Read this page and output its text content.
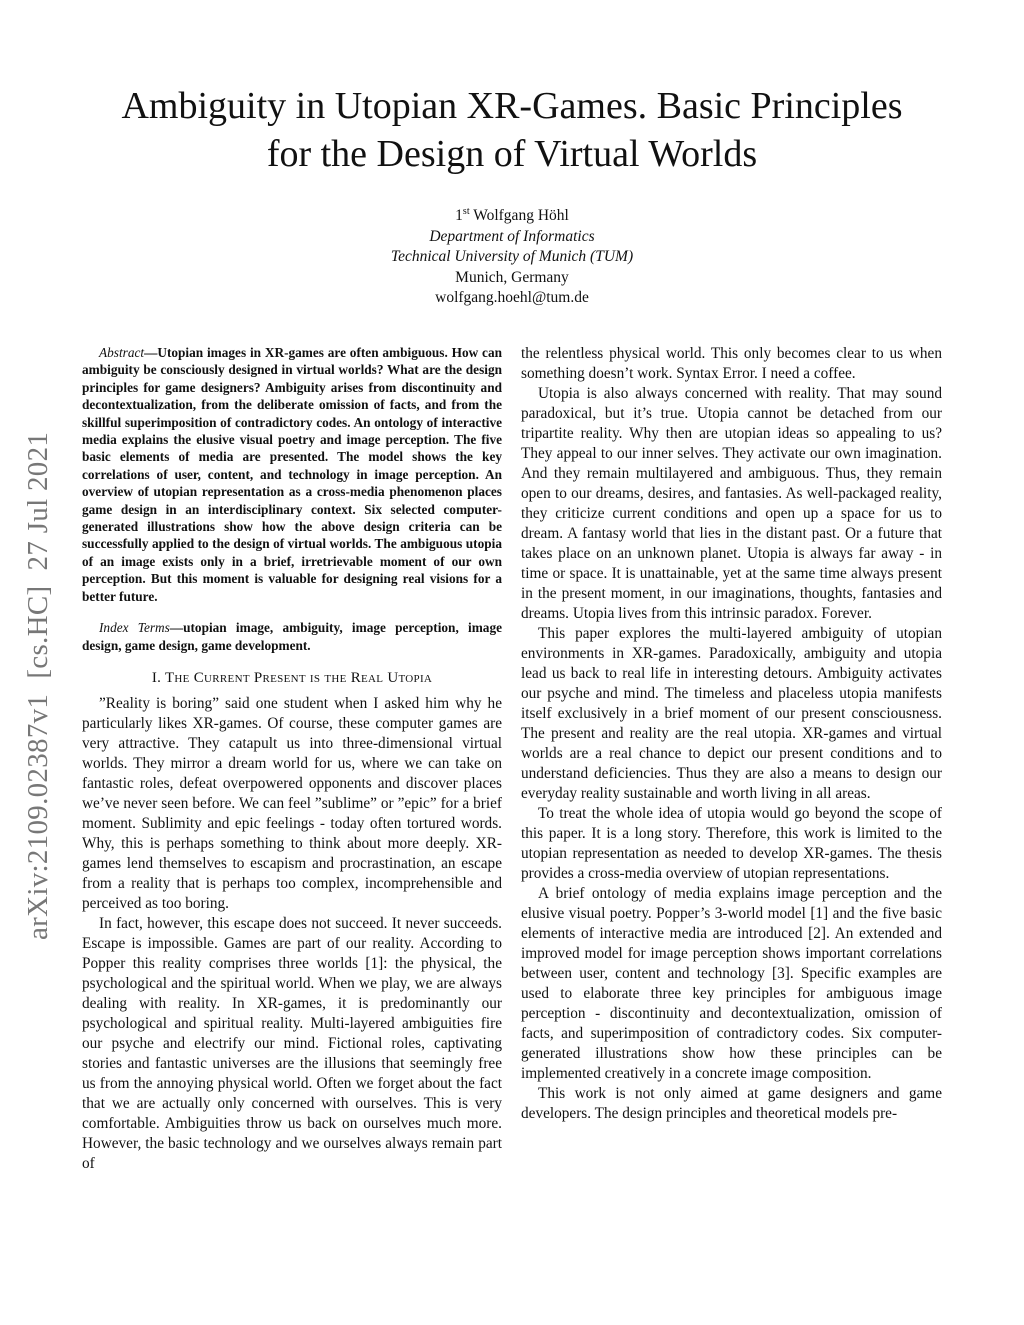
Ambiguity in Utopian XR-Games. Basic Principles
for the Design of Virtual Worlds
1st Wolfgang Höhl
Department of Informatics
Technical University of Munich (TUM)
Munich, Germany
wolfgang.hoehl@tum.de
arXiv:2109.02387v1  [cs.HC]  27 Jul 2021

Abstract—Utopian images in XR-games are often ambiguous. How can ambiguity be consciously designed in virtual worlds? What are the design principles for game designers? Ambiguity arises from discontinuity and decontextualization, from the deliberate omission of facts, and from the skillful superimposition of contradictory codes. An ontology of interactive media explains the elusive visual poetry and image perception. The five basic elements of media are presented. The model shows the key correlations of user, content, and technology in image perception. An overview of utopian representation as a cross-media phenomenon places game design in an interdisciplinary context. Six selected computer-generated illustrations show how the above design criteria can be successfully applied to the design of virtual worlds. The ambiguous utopia of an image exists only in a brief, irretrievable moment of our own perception. But this moment is valuable for designing real visions for a better future.

Index Terms—utopian image, ambiguity, image perception, image design, game design, game development.

I. The Current Present is the Real Utopia

”Reality is boring” said one student when I asked him why he particularly likes XR-games. Of course, these computer games are very attractive. They catapult us into three-dimensional virtual worlds. They mirror a dream world for us, where we can take on fantastic roles, defeat overpowered opponents and discover places we’ve never seen before. We can feel ”sublime” or ”epic” for a brief moment. Sublimity and epic feelings - today often tortured words. Why, this is perhaps something to think about more deeply. XR-games lend themselves to escapism and procrastination, an escape from a reality that is perhaps too complex, incomprehensible and perceived as too boring.

In fact, however, this escape does not succeed. It never succeeds. Escape is impossible. Games are part of our reality. According to Popper this reality comprises three worlds [1]: the physical, the psychological and the spiritual world. When we play, we are always dealing with reality. In XR-games, it is predominantly our psychological and spiritual reality. Multi-layered ambiguities fire our psyche and electrify our mind. Fictional roles, captivating stories and fantastic universes are the illusions that seemingly free us from the annoying physical world. Often we forget about the fact that we are actually only concerned with ourselves. This is very comfortable. Ambiguities throw us back on ourselves much more. However, the basic technology and we ourselves always remain part of

the relentless physical world. This only becomes clear to us when something doesn’t work. Syntax Error. I need a coffee.

Utopia is also always concerned with reality. That may sound paradoxical, but it’s true. Utopia cannot be detached from our tripartite reality. Why then are utopian ideas so appealing to us? They appeal to our inner selves. They activate our own imagination. And they remain multilayered and ambiguous. Thus, they remain open to our dreams, desires, and fantasies. As well-packaged reality, they criticize current conditions and open up a space for us to dream. A fantasy world that lies in the distant past. Or a future that takes place on an unknown planet. Utopia is always far away - in time or space. It is unattainable, yet at the same time always present in the present moment, in our imaginations, thoughts, fantasies and dreams. Utopia lives from this intrinsic paradox. Forever.

This paper explores the multi-layered ambiguity of utopian environments in XR-games. Paradoxically, ambiguity and utopia lead us back to real life in interesting detours. Ambiguity activates our psyche and mind. The timeless and placeless utopia manifests itself exclusively in a brief moment of our present consciousness. The present and reality are the real utopia. XR-games and virtual worlds are a real chance to depict our present conditions and to understand deficiencies. Thus they are also a means to design our everyday reality sustainable and worth living in all areas.

To treat the whole idea of utopia would go beyond the scope of this paper. It is a long story. Therefore, this work is limited to the utopian representation as needed to develop XR-games. The thesis provides a cross-media overview of utopian representations.

A brief ontology of media explains image perception and the elusive visual poetry. Popper’s 3-world model [1] and the five basic elements of interactive media are introduced [2]. An extended and improved model for image perception shows important correlations between user, content and technology [3]. Specific examples are used to elaborate three key principles for ambiguous image perception - discontinuity and decontextualization, omission of facts, and superimposition of contradictory codes. Six computer-generated illustrations show how these principles can be implemented creatively in a concrete image composition.

This work is not only aimed at game designers and game developers. The design principles and theoretical models pre-
